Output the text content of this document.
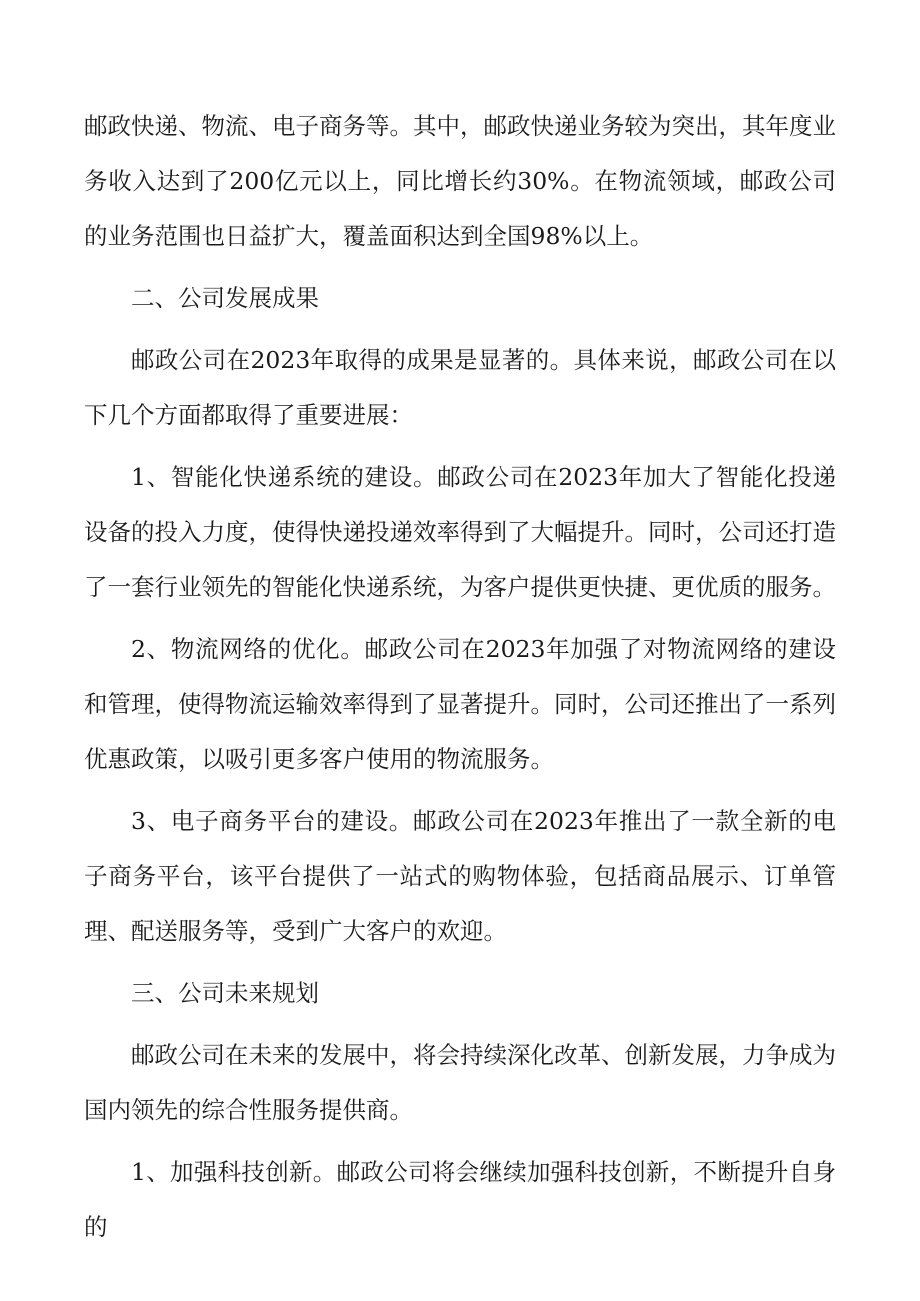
邮政快递、物流、电子商务等。其中，邮政快递业务较为突出，其年度业务收入达到了200亿元以上，同比增长约30%。在物流领域，邮政公司的业务范围也日益扩大，覆盖面积达到全国98%以上。

二、公司发展成果

邮政公司在2023年取得的成果是显著的。具体来说，邮政公司在以下几个方面都取得了重要进展：

1、智能化快递系统的建设。邮政公司在2023年加大了智能化投递设备的投入力度，使得快递投递效率得到了大幅提升。同时，公司还打造了一套行业领先的智能化快递系统，为客户提供更快捷、更优质的服务。

2、物流网络的优化。邮政公司在2023年加强了对物流网络的建设和管理，使得物流运输效率得到了显著提升。同时，公司还推出了一系列优惠政策，以吸引更多客户使用的物流服务。

3、电子商务平台的建设。邮政公司在2023年推出了一款全新的电子商务平台，该平台提供了一站式的购物体验，包括商品展示、订单管理、配送服务等，受到广大客户的欢迎。

三、公司未来规划

邮政公司在未来的发展中，将会持续深化改革、创新发展，力争成为国内领先的综合性服务提供商。

1、加强科技创新。邮政公司将会继续加强科技创新，不断提升自身的
